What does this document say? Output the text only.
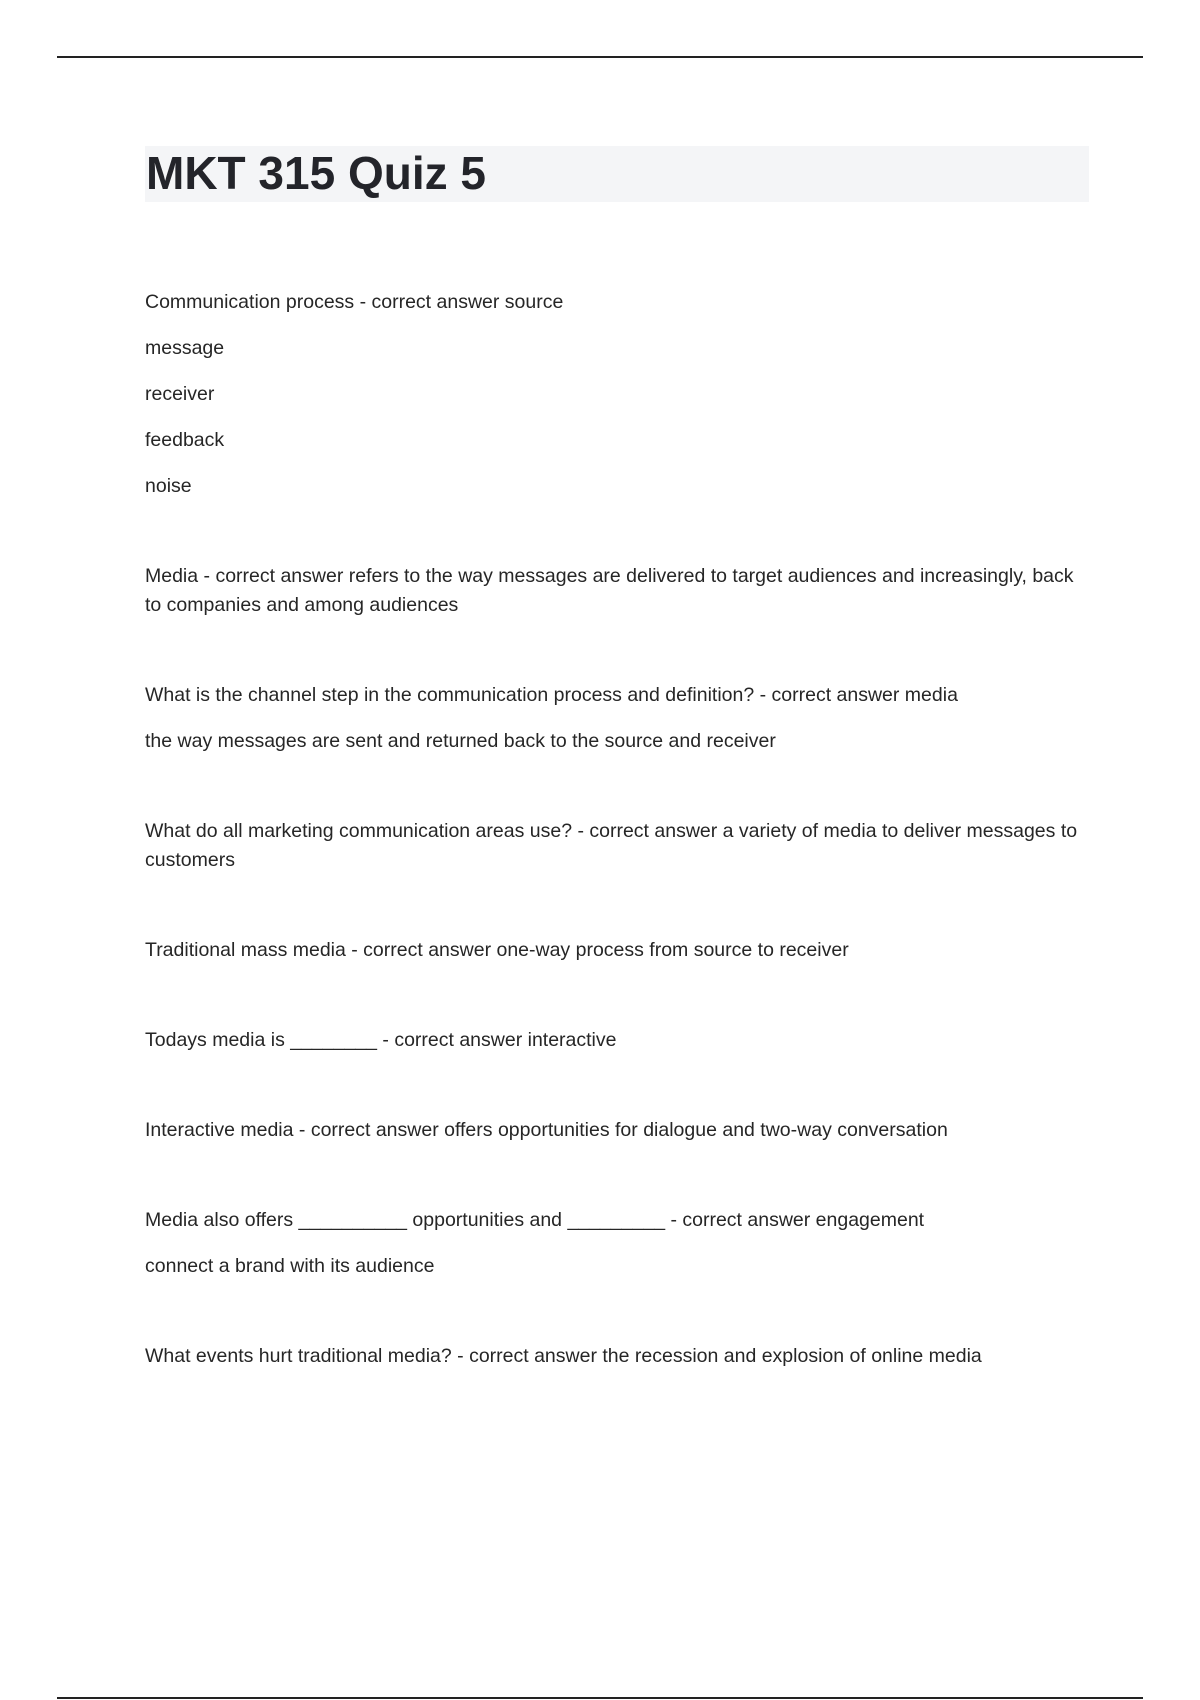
MKT 315 Quiz 5

Communication process - correct answer source

message

receiver

feedback

noise

Media - correct answer refers to the way messages are delivered to target audiences and increasingly, back to companies and among audiences

What is the channel step in the communication process and definition? - correct answer media

the way messages are sent and returned back to the source and receiver

What do all marketing communication areas use? - correct answer a variety of media to deliver messages to customers

Traditional mass media - correct answer one-way process from source to receiver

Todays media is ________ - correct answer interactive

Interactive media - correct answer offers opportunities for dialogue and two-way conversation

Media also offers __________ opportunities and _________ - correct answer engagement

connect a brand with its audience

What events hurt traditional media? - correct answer the recession and explosion of online media
